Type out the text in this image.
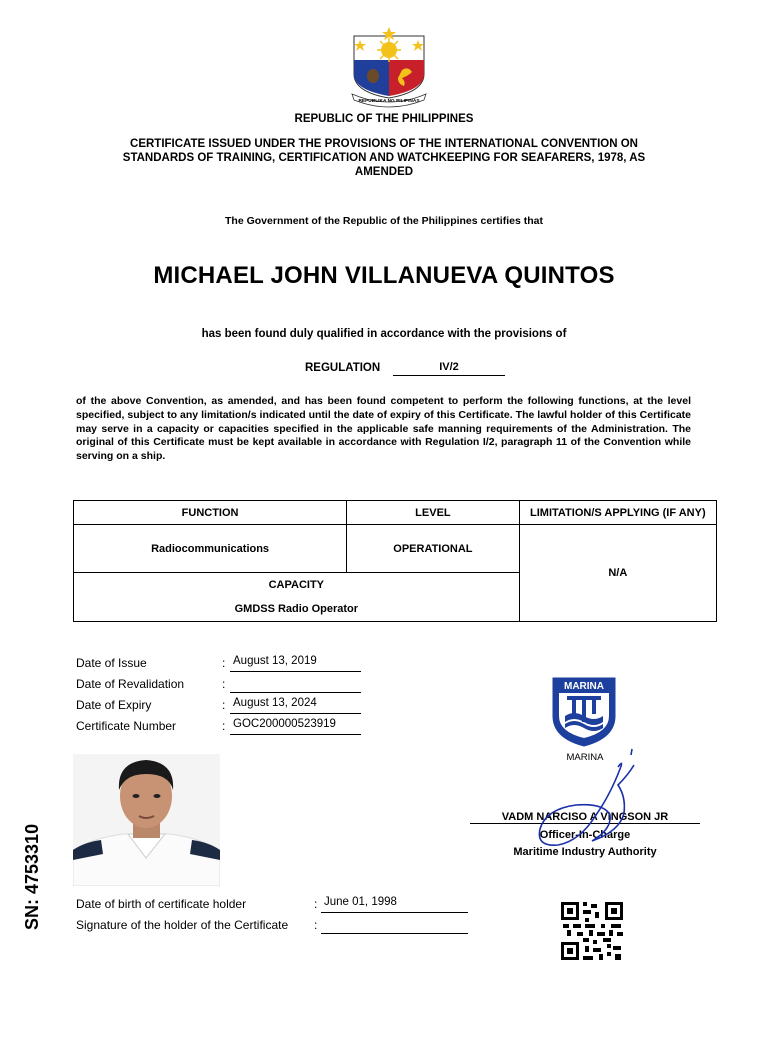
REPUBLIKA NG PILIPINAS
REPUBLIC OF THE PHILIPPINES
CERTIFICATE ISSUED UNDER THE PROVISIONS OF THE INTERNATIONAL CONVENTION ON STANDARDS OF TRAINING, CERTIFICATION AND WATCHKEEPING FOR SEAFARERS, 1978, AS AMENDED
The Government of the Republic of the Philippines certifies that
MICHAEL JOHN VILLANUEVA QUINTOS
has been found duly qualified in accordance with the provisions of
REGULATION	IV/2
of the above Convention, as amended, and has been found competent to perform the following functions, at the level specified, subject to any limitation/s indicated until the date of expiry of this Certificate. The lawful holder of this Certificate may serve in a capacity or capacities specified in the applicable safe manning requirements of the Administration. The original of this Certificate must be kept available in accordance with Regulation I/2, paragraph 11 of the Convention while serving on a ship.
FUNCTION	LEVEL	LIMITATION/S APPLYING (IF ANY)
Radiocommunications	OPERATIONAL	N/A

CAPACITY
GMDSS Radio Operator		
Date of Issue	: August 13, 2019
Date of Revalidation	:
Date of Expiry	: August 13, 2024
Certificate Number	: GOC200000523919
SN: 4753310
MARINA
MARINA
VADM NARCISO A VINGSON JR
Officer-In-Charge
Maritime Industry Authority
Date of birth of certificate holder	: June 01, 1998
Signature of the holder of the Certificate :
